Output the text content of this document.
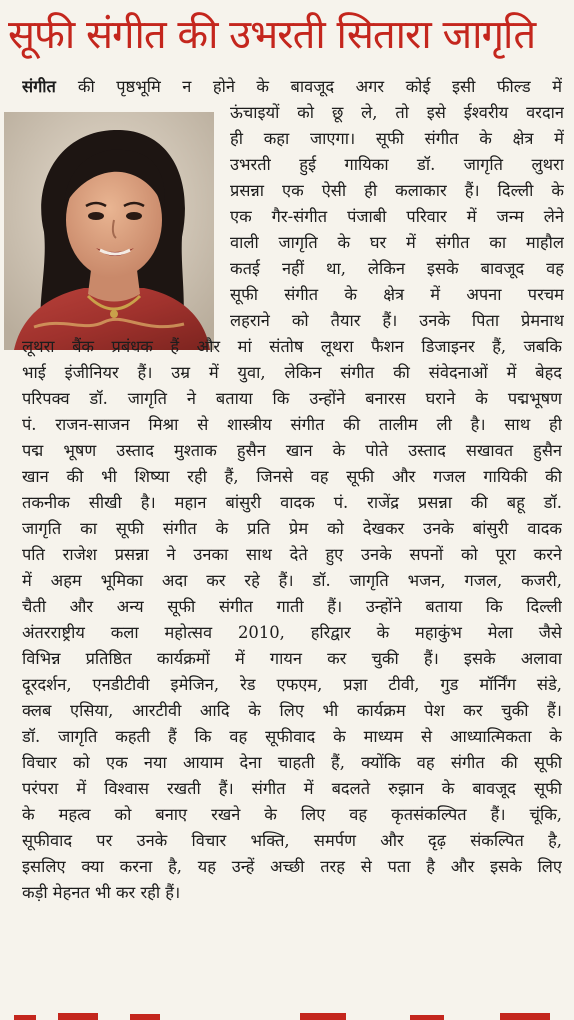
सूफी संगीत की उभरती सितारा जागृति
संगीत की पृष्ठभूमि न होने के बावजूद अगर कोई इसी फील्ड में
ऊंचाइयों को छू ले, तो इसे ईश्वरीय वरदान
ही कहा जाएगा। सूफी संगीत के क्षेत्र में
उभरती हुई गायिका डॉ. जागृति लुथरा
प्रसन्ना एक ऐसी ही कलाकार हैं। दिल्ली के
एक गैर-संगीत पंजाबी परिवार में जन्म लेने
वाली जागृति के घर में संगीत का माहौल
कतई नहीं था, लेकिन इसके बावजूद वह
सूफी संगीत के क्षेत्र में अपना परचम
लहराने को तैयार हैं। उनके पिता प्रेमनाथ
लूथरा बैंक प्रबंधक हैं और मां संतोष लूथरा फैशन डिजाइनर हैं, जबकि
भाई इंजीनियर हैं। उम्र में युवा, लेकिन संगीत की संवेदनाओं में बेहद
परिपक्व डॉ. जागृति ने बताया कि उन्होंने बनारस घराने के पद्मभूषण
पं. राजन-साजन मिश्रा से शास्त्रीय संगीत की तालीम ली है। साथ ही
पद्म भूषण उस्ताद मुश्ताक हुसैन खान के पोते उस्ताद सखावत हुसैन
खान की भी शिष्या रही हैं, जिनसे वह सूफी और गजल गायिकी की
तकनीक सीखी है। महान बांसुरी वादक पं. राजेंद्र प्रसन्ना की बहू डॉ.
जागृति का सूफी संगीत के प्रति प्रेम को देखकर उनके बांसुरी वादक
पति राजेश प्रसन्ना ने उनका साथ देते हुए उनके सपनों को पूरा करने
में अहम भूमिका अदा कर रहे हैं। डॉ. जागृति भजन, गजल, कजरी,
चैती और अन्य सूफी संगीत गाती हैं। उन्होंने बताया कि दिल्ली
अंतरराष्ट्रीय कला महोत्सव 2010, हरिद्वार के महाकुंभ मेला जैसे
विभिन्न प्रतिष्ठित कार्यक्रमों में गायन कर चुकी हैं। इसके अलावा
दूरदर्शन, एनडीटीवी इमेजिन, रेड एफएम, प्रज्ञा टीवी, गुड मॉर्निंग संडे,
क्लब एसिया, आरटीवी आदि के लिए भी कार्यक्रम पेश कर चुकी हैं।
डॉ. जागृति कहती हैं कि वह सूफीवाद के माध्यम से आध्यात्मिकता के
विचार को एक नया आयाम देना चाहती हैं, क्योंकि वह संगीत की सूफी
परंपरा में विश्वास रखती हैं। संगीत में बदलते रुझान के बावजूद सूफी
के महत्व को बनाए रखने के लिए वह कृतसंकल्पित हैं। चूंकि,
सूफीवाद पर उनके विचार भक्ति, समर्पण और दृढ़ संकल्पित है,
इसलिए क्या करना है, यह उन्हें अच्छी तरह से पता है और इसके लिए
कड़ी मेहनत भी कर रही हैं।
